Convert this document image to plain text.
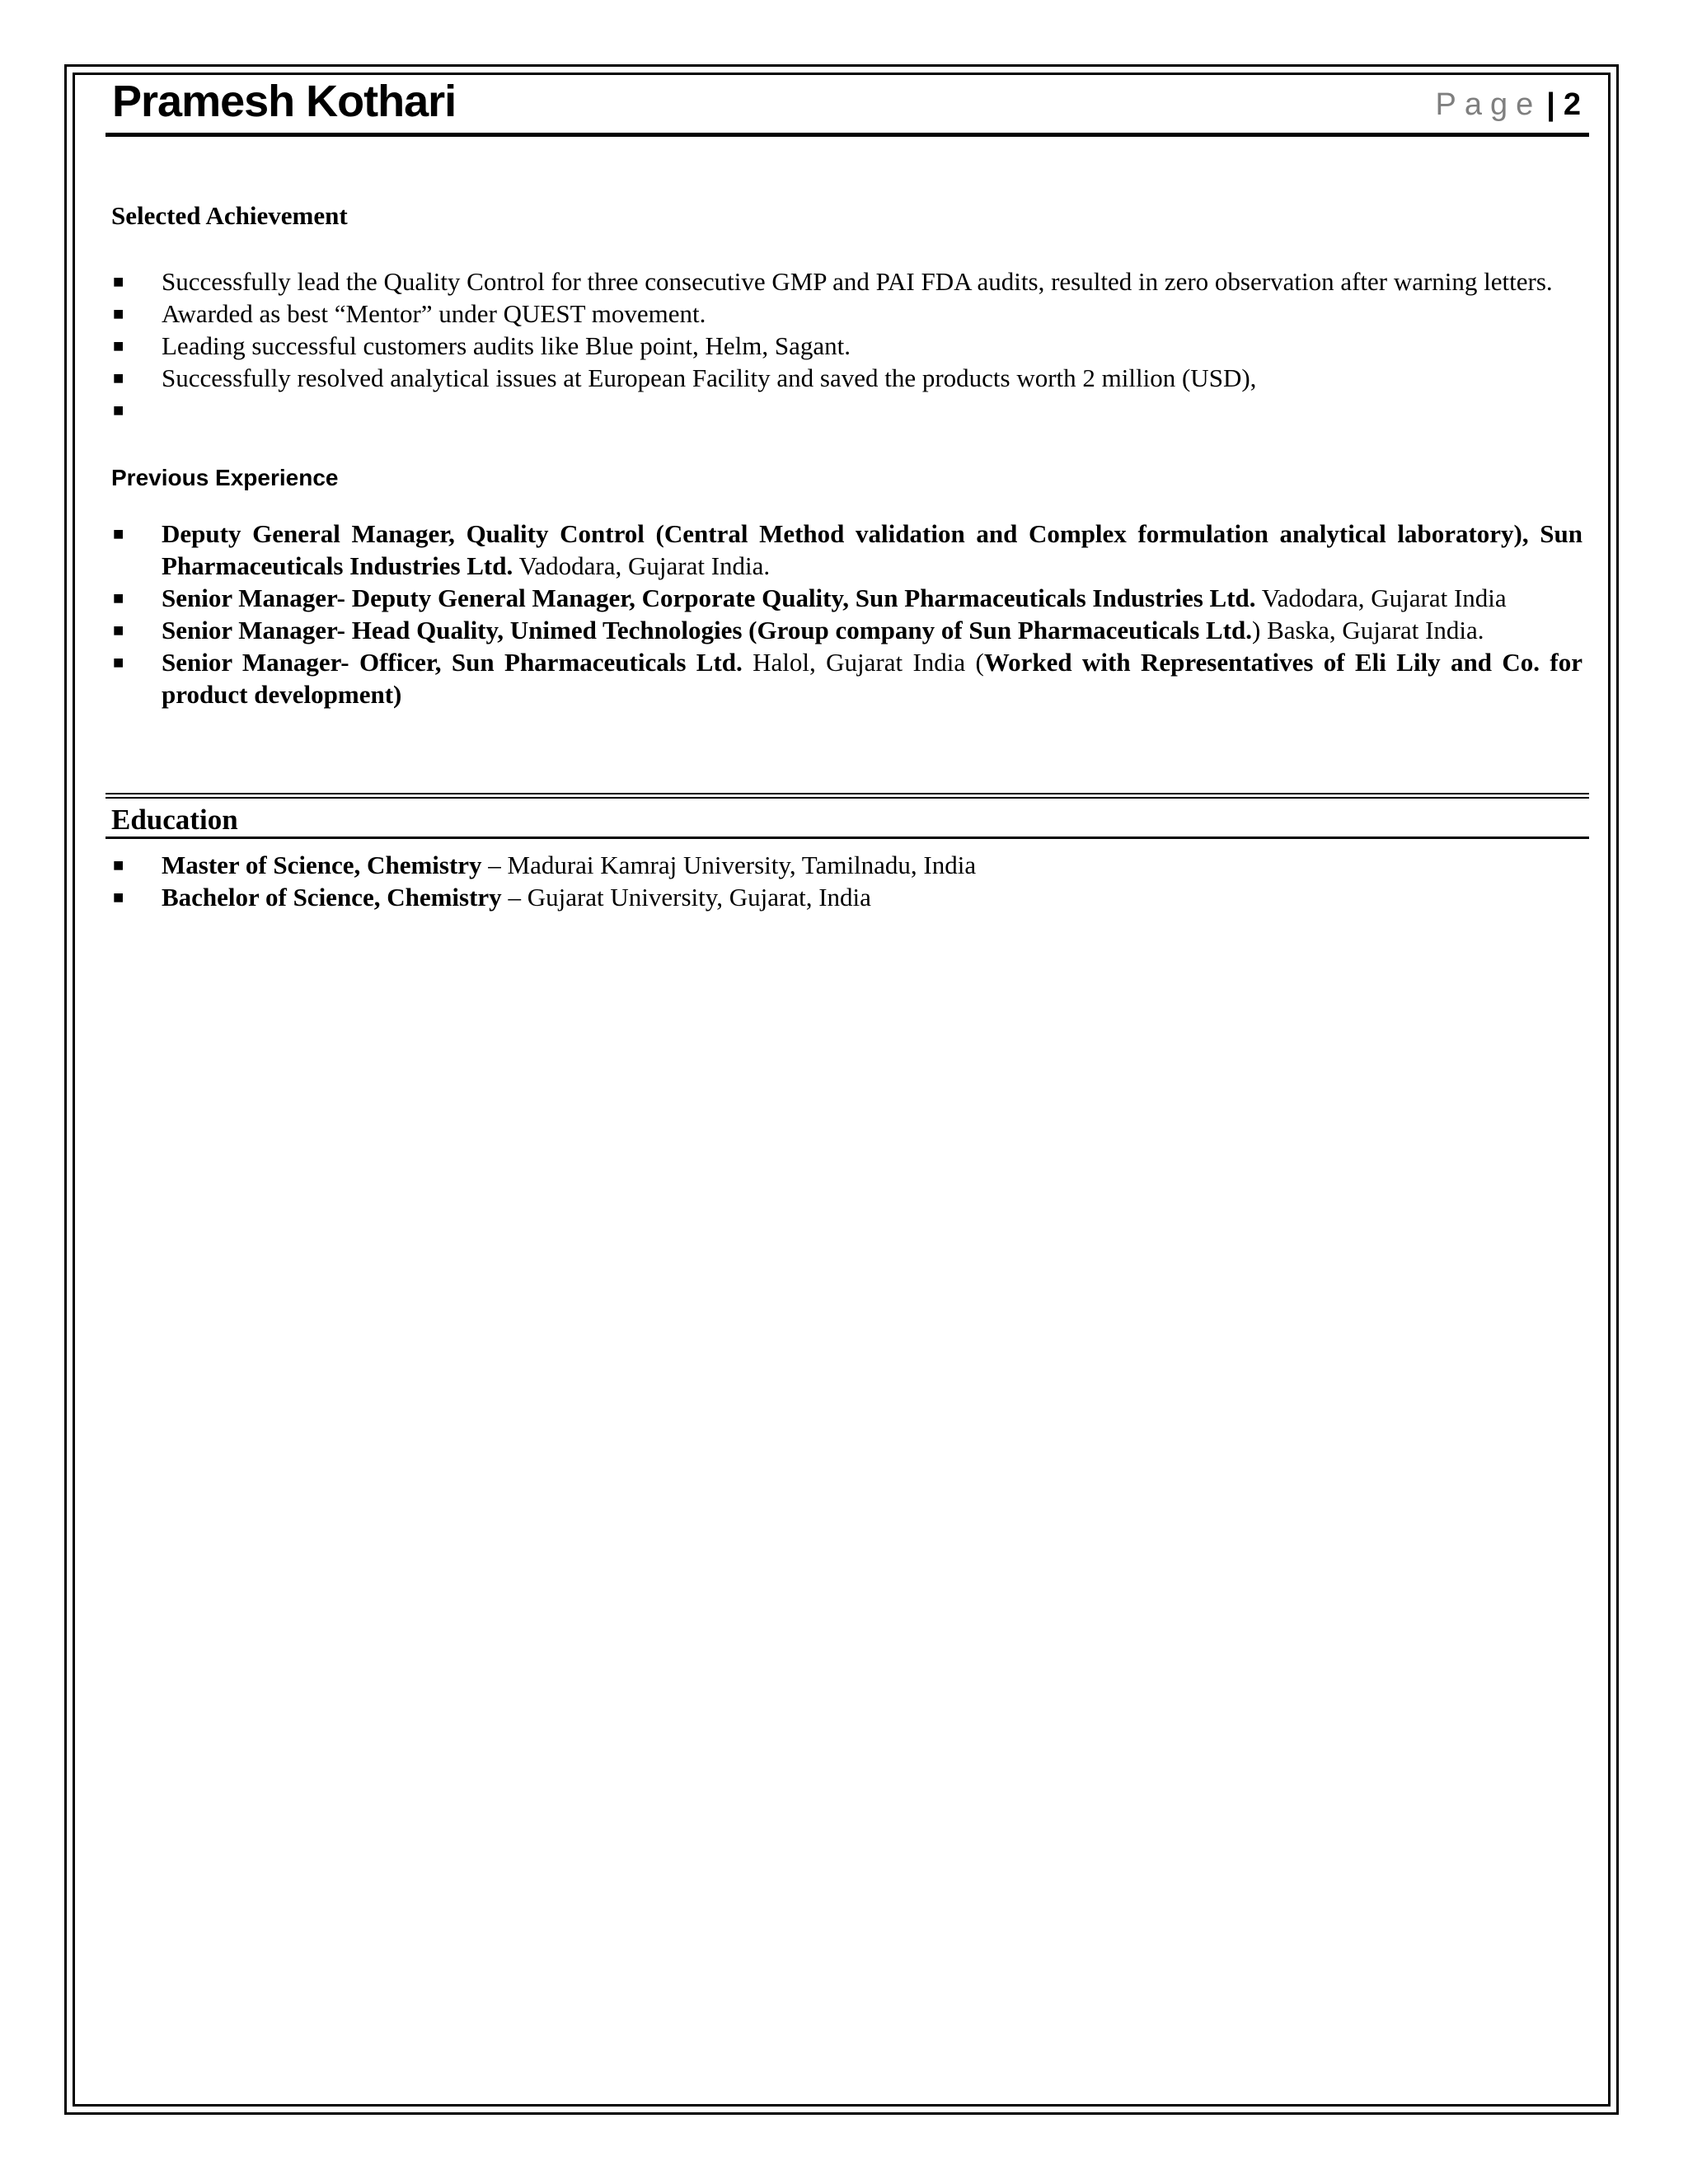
Pramesh Kothari	Page | 2
Selected Achievement
■ Successfully lead the Quality Control for three consecutive GMP and PAI FDA audits, resulted in zero observation after warning letters.
■ Awarded as best “Mentor” under QUEST movement.
■ Leading successful customers audits like Blue point, Helm, Sagant.
■ Successfully resolved analytical issues at European Facility and saved the products worth 2 million (USD),
■

Previous Experience
■ Deputy General Manager, Quality Control (Central Method validation and Complex formulation analytical laboratory), Sun Pharmaceuticals Industries Ltd. Vadodara, Gujarat India.
■ Senior Manager- Deputy General Manager, Corporate Quality, Sun Pharmaceuticals Industries Ltd. Vadodara, Gujarat India
■ Senior Manager- Head Quality, Unimed Technologies (Group company of Sun Pharmaceuticals Ltd.) Baska, Gujarat India.
■ Senior Manager- Officer, Sun Pharmaceuticals Ltd. Halol, Gujarat India (Worked with Representatives of Eli Lily and Co. for product development)
Education
■ Master of Science, Chemistry – Madurai Kamraj University, Tamilnadu, India
■ Bachelor of Science, Chemistry – Gujarat University, Gujarat, India
